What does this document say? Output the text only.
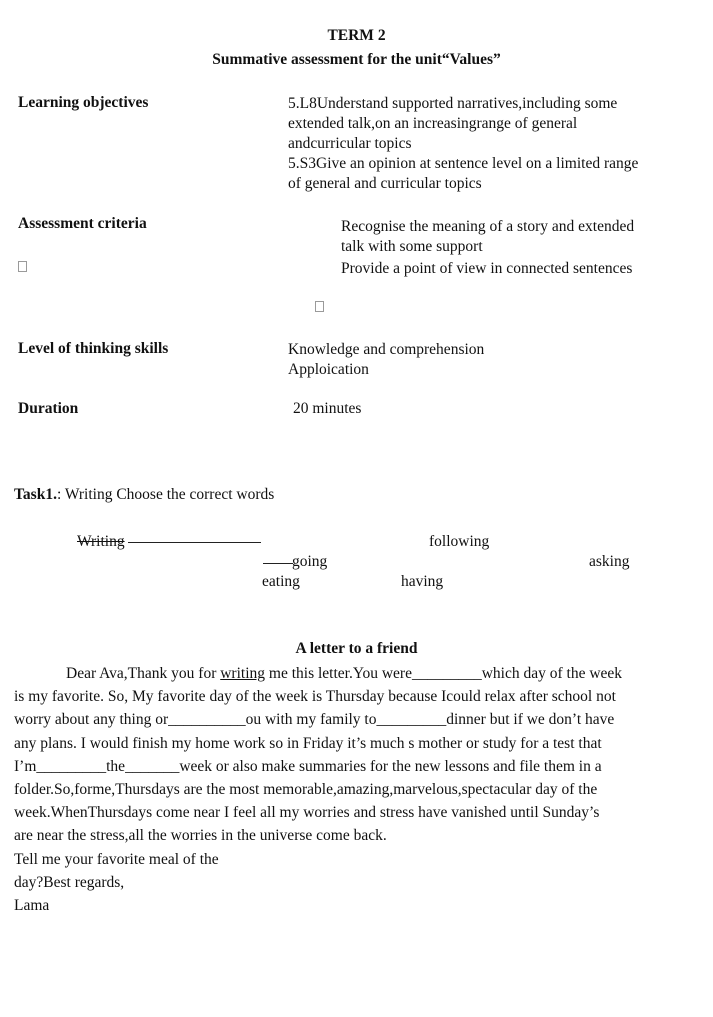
TERM 2
Summative assessment for the unit“Values”
Learning objectives	5.L8Understand supported narratives,including some
extended talk,on an increasingrange of general
andcurricular topics
5.S3Give an opinion at sentence level on a limited range
of general and curricular topics
Assessment criteria	Recognise the meaning of a story and extended
talk with some support
Provide a point of view in connected sentences
Level of thinking skills	Knowledge and comprehension
Apploication
Duration	20 minutes
Task1.: Writing Choose the correct words
Writing	following
going	asking
eating	having
A letter to a friend
Dear Ava,Thank you for writing me this letter.You were_________which day of the week
is my favorite. So, My favorite day of the week is Thursday because Icould relax after school not
worry about any thing or__________ou with my family to_________dinner but if we don’t have
any plans. I would finish my home work so in Friday it’s much s mother or study for a test that
I’m_________the_______week or also make summaries for the new lessons and file them in a
folder.So,forme,Thursdays are the most memorable,amazing,marvelous,spectacular day of the
week.WhenThursdays come near I feel all my worries and stress have vanished until Sunday’s
are near the stress,all the worries in the universe come back.
Tell me your favorite meal of the
day?Best regards,
Lama
